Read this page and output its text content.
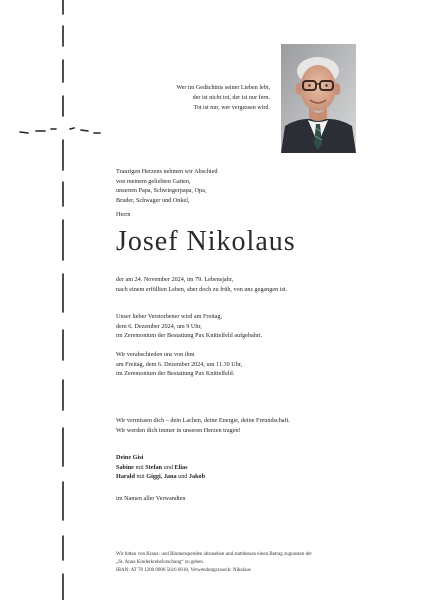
Wer im Gedächtnis seiner Lieben lebt,
der ist nicht tot, der ist nur fern.
Tot ist nur, wer vergessen wird.
Traurigen Herzens nehmen wir Abschied
von meinem geliebten Gatten,
unserem Papa, Schwiegerpapa, Opa,
Bruder, Schwager und Onkel,
Herrn
Josef Nikolaus
der am 24. November 2024, im 79. Lebensjahr,
nach einem erfüllten Leben, aber doch zu früh, von uns gegangen ist.
Unser lieber Verstorbener wird am Freitag,
dem 6. Dezember 2024, um 9 Uhr,
im Zeremonium der Bestattung Pax Knittelfeld aufgebahrt.
Wir verabschieden uns von ihm
am Freitag, dem 6. Dezember 2024, um 11.30 Uhr,
im Zeremonium der Bestattung Pax Knittelfeld.
Wir vermissen dich – dein Lachen, deine Energie, deine Freundschaft.
Wir werden dich immer in unseren Herzen tragen!
Deine Gisi
Sabine mit Stefan und Elias
Harald mit Giggi, Jana und Jakob
im Namen aller Verwandten
Wir bitten von Kranz- und Blumenspenden abzusehen und stattdessen einen Betrag zugunsten der
„St. Anna Kinderkrebsforschung“ zu geben.
IBAN: AT 78 1200 0006 5616 6618, Verwendungszweck: Nikolaus
